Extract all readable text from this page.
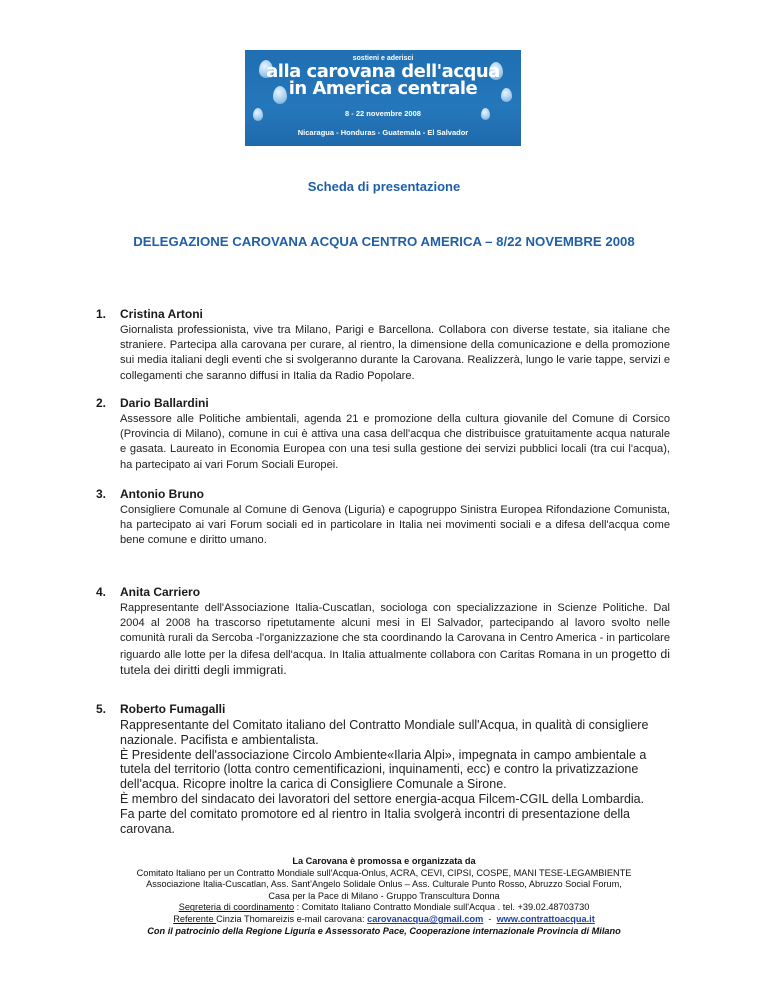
sostieni e aderisci
alla carovana dell'acqua
in America centrale
8 - 22 novembre 2008
Nicaragua - Honduras - Guatemala - El Salvador
Scheda di presentazione
DELEGAZIONE CAROVANA ACQUA CENTRO AMERICA – 8/22 NOVEMBRE 2008
1. Cristina Artoni
Giornalista professionista, vive tra Milano, Parigi e Barcellona. Collabora con diverse testate, sia italiane che straniere. Partecipa alla carovana per curare, al rientro, la dimensione della comunicazione e della promozione sui media italiani degli eventi che si svolgeranno durante la Carovana. Realizzerà, lungo le varie tappe, servizi e collegamenti che saranno diffusi in Italia da Radio Popolare.
2. Dario Ballardini
Assessore alle Politiche ambientali, agenda 21 e promozione della cultura giovanile del Comune di Corsico (Provincia di Milano), comune in cui è attiva una casa dell'acqua che distribuisce gratuitamente acqua naturale e gasata. Laureato in Economia Europea con una tesi sulla gestione dei servizi pubblici locali (tra cui l'acqua), ha partecipato ai vari Forum Sociali Europei.
3. Antonio Bruno
Consigliere Comunale al Comune di Genova (Liguria) e capogruppo Sinistra Europea Rifondazione Comunista, ha partecipato ai vari Forum sociali ed in particolare in Italia nei movimenti sociali e a difesa dell'acqua come bene comune e diritto umano.
4. Anita Carriero
Rappresentante dell'Associazione Italia-Cuscatlan, sociologa con specializzazione in Scienze Politiche. Dal 2004 al 2008 ha trascorso ripetutamente alcuni mesi in El Salvador, partecipando al lavoro svolto nelle comunità rurali da Sercoba -l'organizzazione che sta coordinando la Carovana in Centro America - in particolare riguardo alle lotte per la difesa dell'acqua. In Italia attualmente collabora con Caritas Romana in un progetto di tutela dei diritti degli immigrati.
5. Roberto Fumagalli
Rappresentante del Comitato italiano del Contratto Mondiale sull'Acqua, in qualità di consigliere
nazionale. Pacifista e ambientalista.
È Presidente dell'associazione Circolo Ambiente«Ilaria Alpi», impegnata in campo ambientale a
tutela del territorio (lotta contro cementificazioni, inquinamenti, ecc) e contro la privatizzazione
dell'acqua. Ricopre inoltre la carica di Consigliere Comunale a Sirone.
È membro del sindacato dei lavoratori del settore energia-acqua Filcem-CGIL della Lombardia.
Fa parte del comitato promotore ed al rientro in Italia svolgerà incontri di presentazione della
carovana.
La Carovana è promossa e organizzata da
Comitato Italiano per un Contratto Mondiale sull'Acqua-Onlus, ACRA, CEVI, CIPSI, COSPE, MANI TESE-LEGAMBIENTE
Associazione Italia-Cuscatlan, Ass. Sant'Angelo Solidale Onlus – Ass. Culturale Punto Rosso, Abruzzo Social Forum,
Casa per la Pace di Milano - Gruppo Transcultura Donna
Segreteria di coordinamento : Comitato Italiano Contratto Mondiale sull'Acqua . tel. +39.02.48703730
Referente Cinzia Thomareizis e-mail carovana: carovanacqua@gmail.com  -  www.contrattoacqua.it
Con il patrocinio della Regione Liguria e Assessorato Pace, Cooperazione internazionale Provincia di Milano
